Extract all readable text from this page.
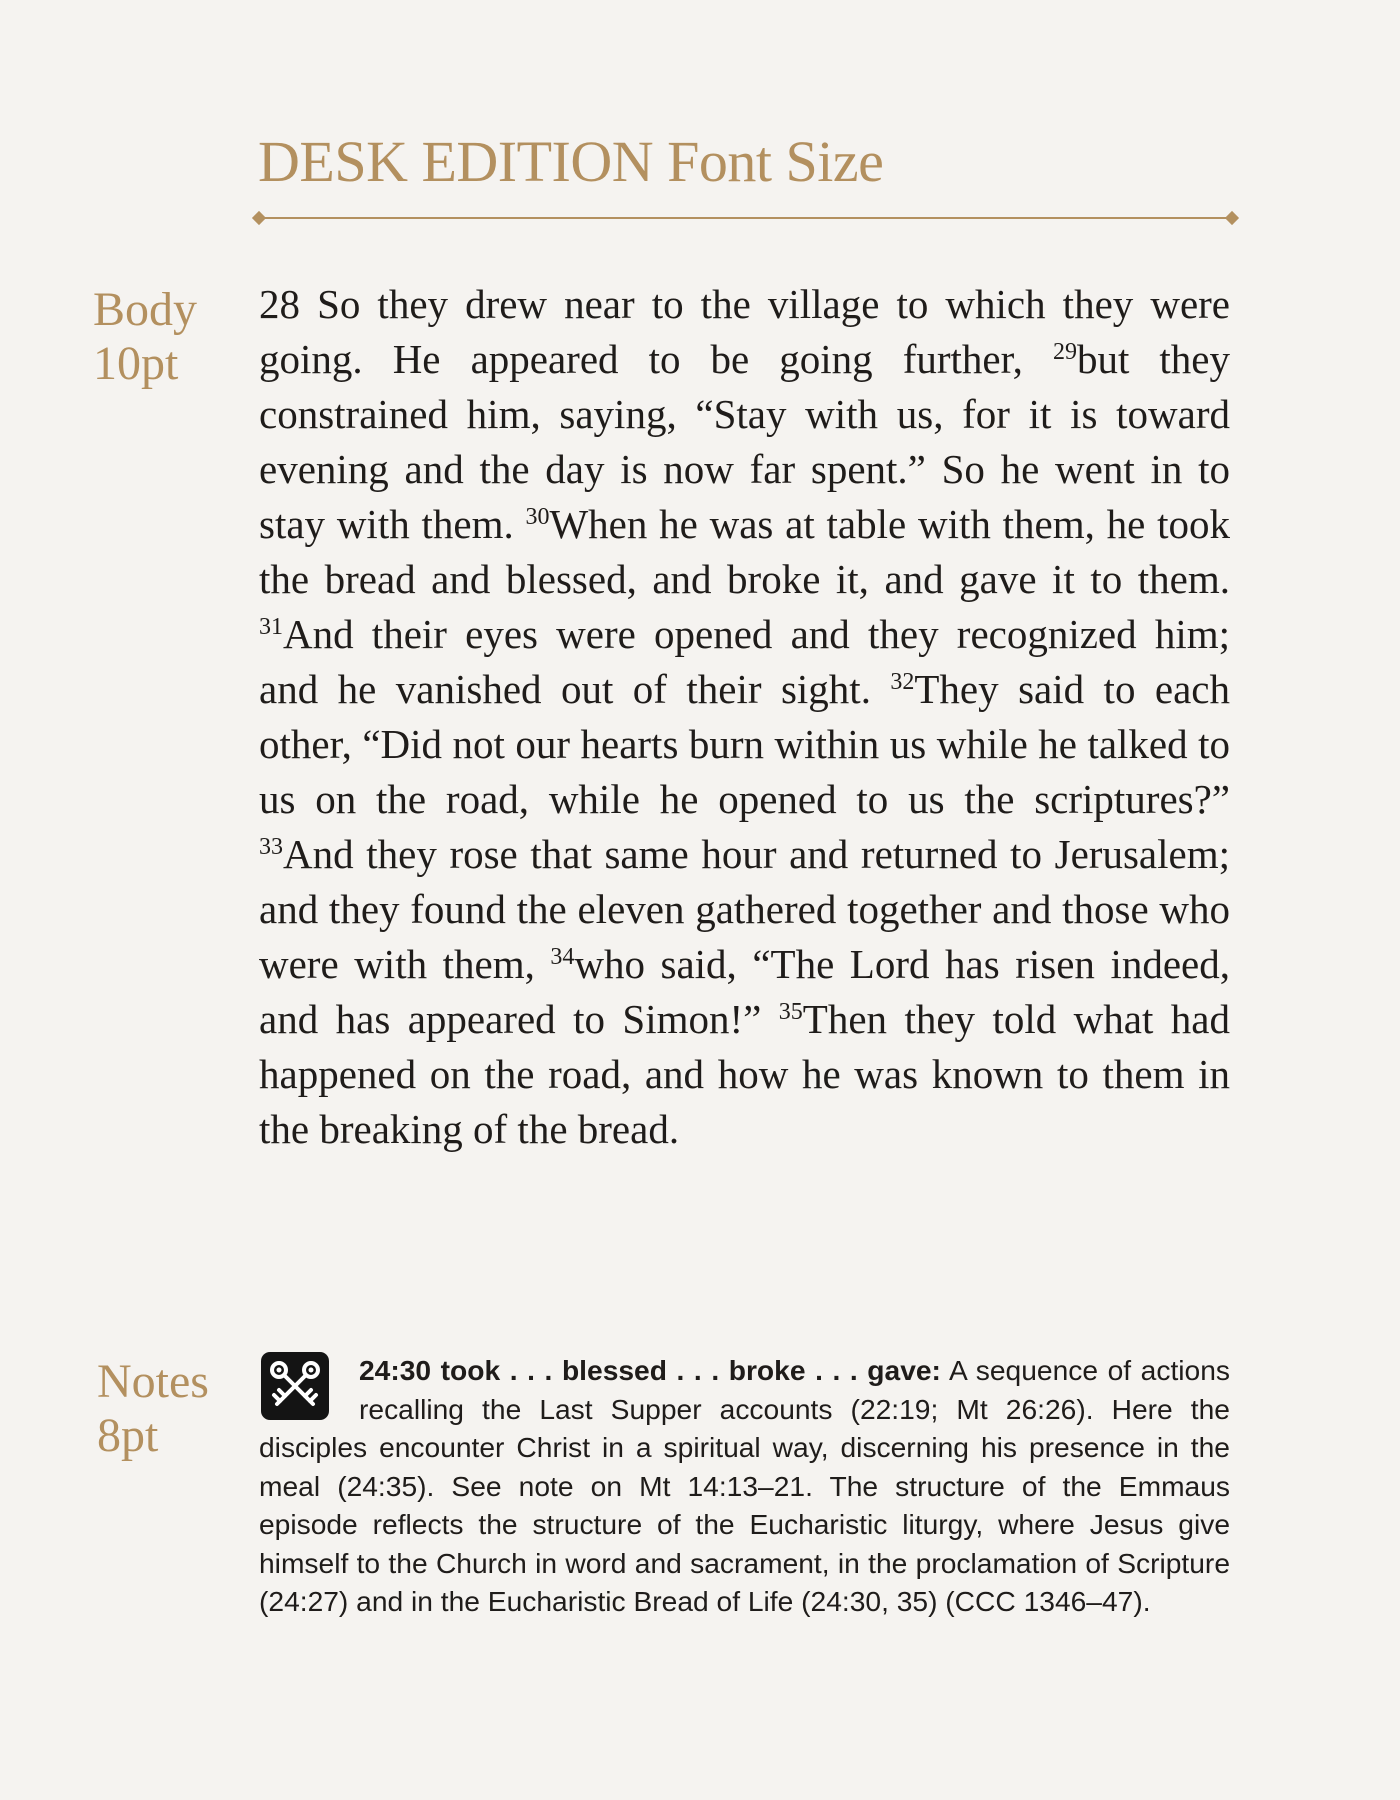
DESK EDITION Font Size
Body
10pt

28 So they drew near to the village to which they were going. He appeared to be going further, $^{29}$but they constrained him, saying, “Stay with us, for it is toward evening and the day is now far spent.” So he went in to stay with them. $^{30}$When he was at table with them, he took the bread and blessed, and broke it, and gave it to them. $^{31}$And their eyes were opened and they recognized him; and he vanished out of their sight. $^{32}$They said to each other, “Did not our hearts burn within us while he talked to us on the road, while he opened to us the scriptures?” $^{33}$And they rose that same hour and returned to Jerusalem; and they found the eleven gathered together and those who were with them, $^{34}$who said, “The Lord has risen indeed, and has appeared to Simon!” $^{35}$Then they told what had happened on the road, and how he was known to them in the breaking of the bread.

Notes
8pt

24:30 took . . . blessed . . . broke . . . gave: A sequence of actions recalling the Last Supper accounts (22:19; Mt 26:26). Here the disciples encounter Christ in a spiritual way, discerning his presence in the meal (24:35). See note on Mt 14:13–21. The structure of the Emmaus episode reflects the structure of the Eucharistic liturgy, where Jesus give himself to the Church in word and sacrament, in the proclamation of Scripture (24:27) and in the Eucharistic Bread of Life (24:30, 35) (CCC 1346–47).
